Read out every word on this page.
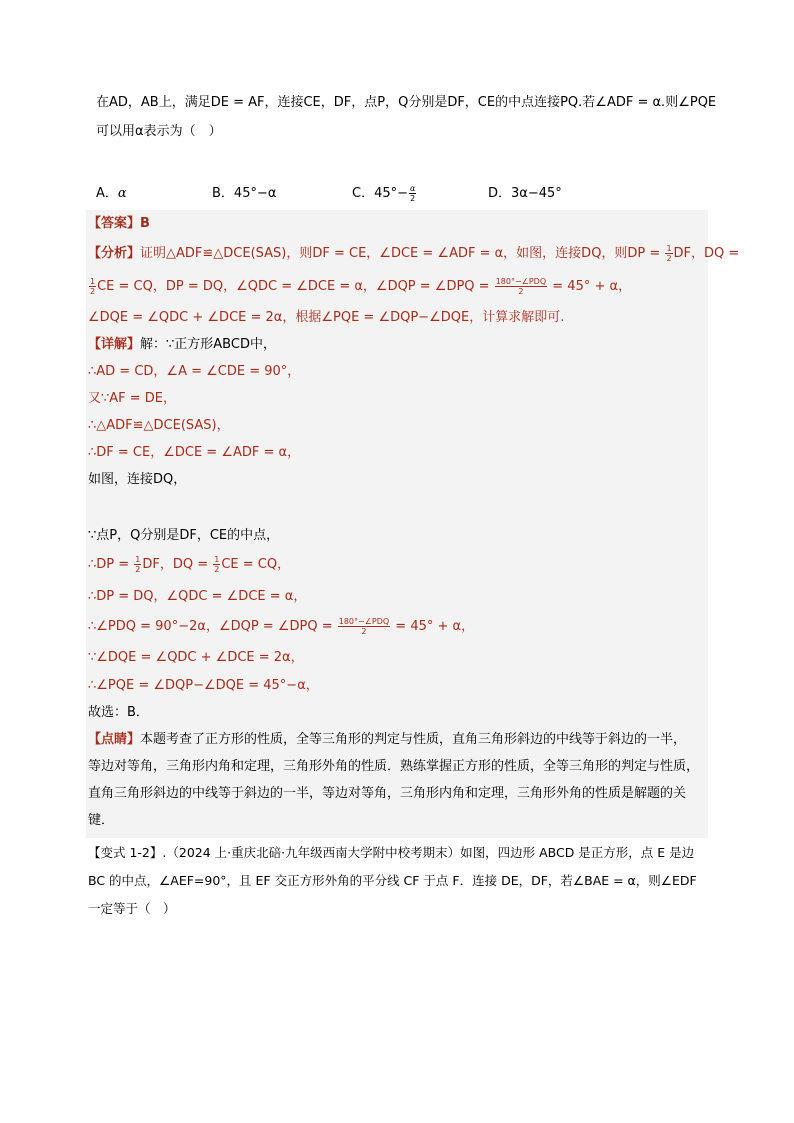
在AD，AB上，满足DE = AF，连接CE，DF，点P，Q分别是DF，CE的中点连接PQ.若∠ADF = α.则∠PQE
可以用α表示为（　）
A．α	B．45°−α	C．$45^\circ- \frac{\alpha}{2}$	D．3α−45°
【答案】B
【分析】证明△ADF≌△DCE(SAS)，则DF = CE，∠DCE = ∠ADF = α，如图，连接DQ，则DP = $\frac{1}{2}$ DF，DQ =
$\frac{1}{2}$ CE = CQ，DP = DQ，∠QDC = ∠DCE = α，∠DQP = ∠DPQ = $\frac{\text{180°−∠PDQ}}{2} = 45^\circ + \alpha$，
∠DQE = ∠QDC + ∠DCE = 2α，根据∠PQE = ∠DQP−∠DQE，计算求解即可.
【详解】解：∵正方形ABCD中，
∴AD = CD，∠A = ∠CDE = 90°，
又∵AF = DE，
∴△ADF≌△DCE(SAS)，
∴DF = CE，∠DCE = ∠ADF = α，
如图，连接DQ，
∵点P，Q分别是DF，CE的中点，
∴DP = $\frac{1}{2}$ DF，DQ = $\frac{1}{2}$ CE = CQ，
∴DP = DQ，∠QDC = ∠DCE = α，
∴∠PDQ = 90°−2α，∠DQP = ∠DPQ = $\frac{\text{180°−∠PDQ}}{2} = 45^\circ + \alpha$，
∵∠DQE = ∠QDC + ∠DCE = 2α，
∴∠PQE = ∠DQP−∠DQE = 45°−α，
故选：B．
【点睛】本题考查了正方形的性质，全等三角形的判定与性质，直角三角形斜边的中线等于斜边的一半，
等边对等角，三角形内角和定理，三角形外角的性质．熟练掌握正方形的性质，全等三角形的判定与性质，
直角三角形斜边的中线等于斜边的一半，等边对等角，三角形内角和定理，三角形外角的性质是解题的关
键．
【变式 1-2】.（2024 上·重庆北碚·九年级西南大学附中校考期末）如图，四边形 ABCD 是正方形，点 E 是边
BC 的中点，∠AEF=90°，且 EF 交正方形外角的平分线 CF 于点 F．连接 DE，DF，若∠BAE = α，则∠EDF
一定等于（　）
